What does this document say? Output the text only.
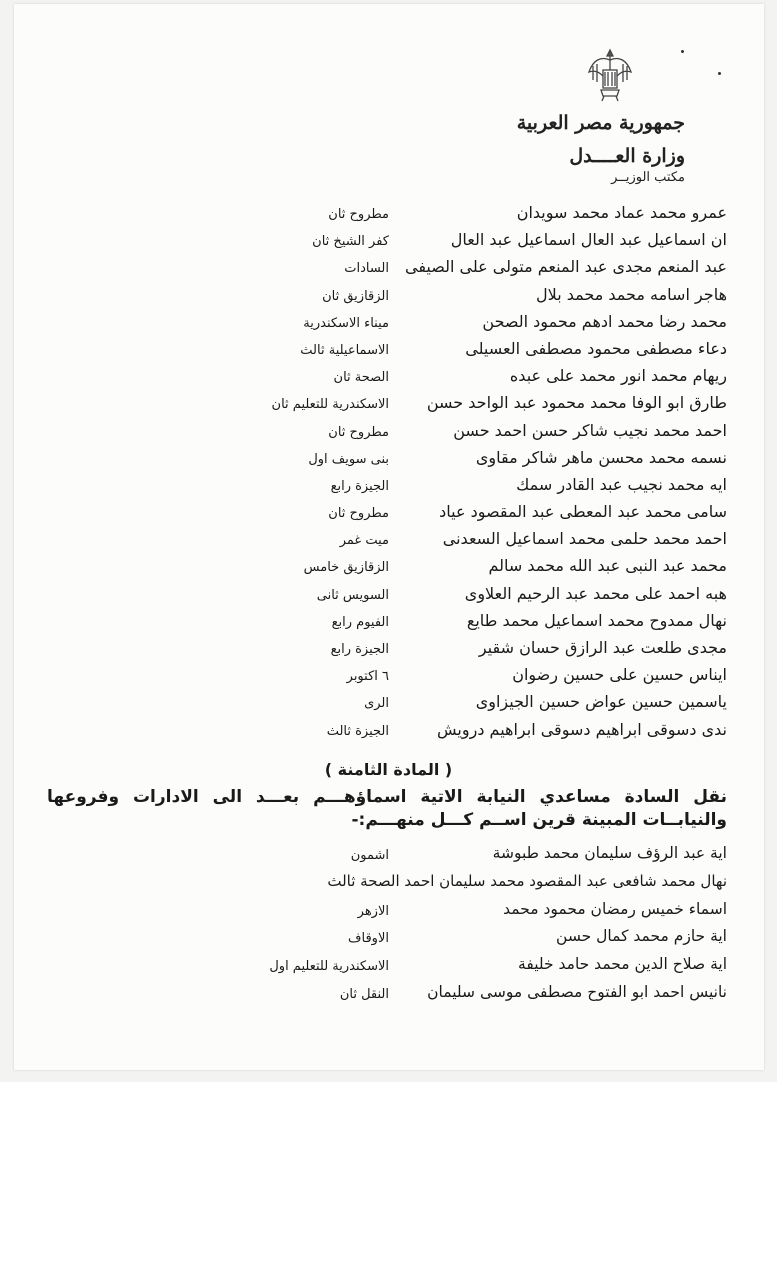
جمهورية مصر العربية
وزارة العــــدل
مكتب الوزيــر
عمرو محمد عماد محمد سويدان
مطروح ثان
ان اسماعيل عبد العال اسماعيل عبد العال
كفر الشيخ ثان
عبد المنعم مجدى عبد المنعم متولى على الصيفى
السادات
هاجر اسامه محمد محمد بلال
الزقازيق ثان
محمد رضا محمد ادهم محمود الصحن
ميناء الاسكندرية
دعاء مصطفى محمود مصطفى العسيلى
الاسماعيلية ثالث
ريهام محمد انور محمد على عبده
الصحة ثان
طارق ابو الوفا محمد محمود عبد الواحد حسن
الاسكندرية للتعليم ثان
احمد محمد نجيب شاكر حسن احمد حسن
مطروح ثان
نسمه محمد محسن ماهر شاكر مقاوى
بنى سويف اول
ايه محمد نجيب عبد القادر سمك
الجيزة رابع
سامى محمد عبد المعطى عبد المقصود عياد
مطروح ثان
احمد محمد حلمى محمد اسماعيل السعدنى
ميت غمر
محمد عبد النبى عبد الله محمد سالم
الزقازيق خامس
هبه احمد على محمد عبد الرحيم العلاوى
السويس ثانى
نهال ممدوح محمد اسماعيل محمد طايع
الفيوم رابع
مجدى طلعت عبد الرازق حسان شقير
الجيزة رابع
ايناس حسين على حسين رضوان
٦ اكتوبر
ياسمين حسين عواض حسين الجيزاوى
الرى
ندى دسوقى ابراهيم دسوقى ابراهيم درويش
الجيزة ثالث
( المادة الثامنة )
نقل السادة مساعدي النيابة الاتية اسماؤهـــم بعـــد الى الادارات وفروعها والنيابــات المبينة قرين اســم كـــل منهـــم:-
اية عبد الرؤف سليمان محمد طبوشة
اشمون
نهال محمد شافعى عبد المقصود محمد سليمان احمد الصحة ثالث
اسماء خميس رمضان محمود محمد
الازهر
اية حازم محمد كمال حسن
الاوقاف
اية صلاح الدين محمد حامد خليفة
الاسكندرية للتعليم اول
نانيس احمد ابو الفتوح مصطفى موسى سليمان
النقل ثان
